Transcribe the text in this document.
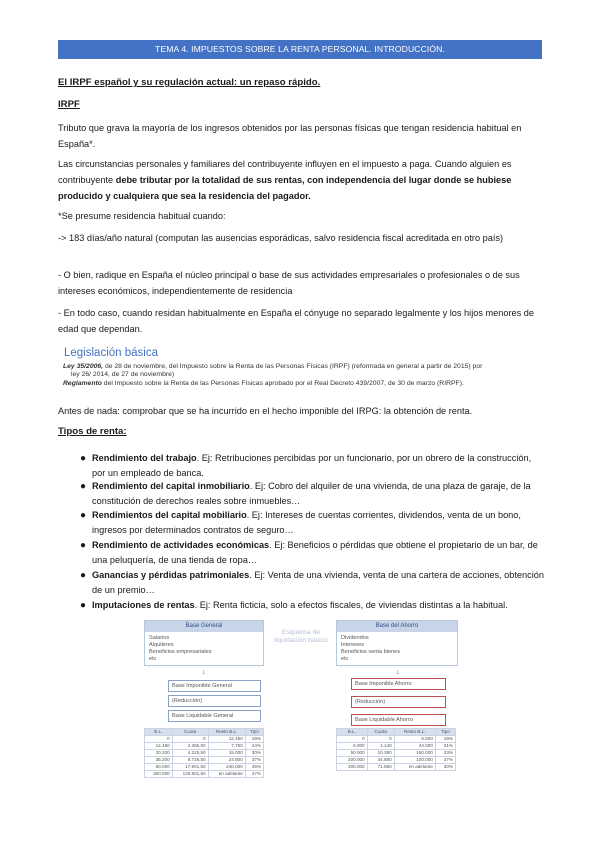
TEMA 4. IMPUESTOS SOBRE LA RENTA PERSONAL. INTRODUCCIÓN.
El IRPF español y su regulación actual: un repaso rápido.
IRPF
Tributo que grava la mayoría de los ingresos obtenidos por las personas físicas que tengan residencia habitual en España*.
Las circunstancias personales y familiares del contribuyente influyen en el impuesto a paga. Cuando alguien es contribuyente debe tributar por la totalidad de sus rentas, con independencia del lugar donde se hubiese producido y cualquiera que sea la residencia del pagador.
*Se presume residencia habitual cuando:
-> 183 días/año natural (computan las ausencias esporádicas, salvo residencia fiscal acreditada en otro país)
- O bien, radique en España el núcleo principal o base de sus actividades empresariales o profesionales o de sus intereses económicos, independientemente de residencia
- En todo caso, cuando residan habitualmente en España el cónyuge no separado legalmente y los hijos menores de edad que dependan.
Legislación básica
Ley 35/2006, de 28 de noviembre, del Impuesto sobre la Renta de las Personas Físicas (IRPF) (reformada en general a partir de 2015) por
ley 26/ 2014, de 27 de noviembre)
Reglamento del Impuesto sobre la Renta de las Personas Físicas aprobado por el Real Decreto 439/2007, de 30 de marzo (RIRPF).
Antes de nada: comprobar que se ha incurrido en el hecho imponible del IRPG: la obtención de renta.
Tipos de renta:
● Rendimiento del trabajo. Ej: Retribuciones percibidas por un funcionario, por un obrero de la construcción, por un empleado de banca.
● Rendimiento del capital inmobiliario. Ej: Cobro del alquiler de una vivienda, de una plaza de garaje, de la constitución de derechos reales sobre inmuebles…
● Rendimientos del capital mobiliario. Ej: Intereses de cuentas corrientes, dividendos, venta de un bono, ingresos por determinados contratos de seguro…
● Rendimiento de actividades económicas. Ej: Beneficios o pérdidas que obtiene el propietario de un bar, de una peluquería, de una tienda de ropa…
● Ganancias y pérdidas patrimoniales. Ej: Venta de una vivienda, venta de una cartera de acciones, obtención de un premio…
● Imputaciones de rentas. Ej: Renta ficticia, solo a efectos fiscales, de viviendas distintas a la habitual.
Base General
Salarios
Alquileres
Beneficios empresariales
etc
Esquema de liquidación básico
Base del Ahorro
Dividendos
Intereses
Beneficios venta bienes
etc
↓	↓
Base Imponible General
(Reducción)
Base Liquidable General
Base Imponible Ahorro
(Reducción)
Base Liquidable Ahorro
B.L.	Cuota	Resto B.L.	Tipo
0	0	12.450	19%
12.450	2.365,50	7.750	24%
20.200	4.225,50	15.000	30%
35.200	8.725,50	24.800	37%
60.000	17.901,50	240.000	45%
300.000	125.901,50	en adelante	47%
B.L.	Cuota	Resto B.L.	Tipo
0	0	6.000	19%
6.000	1.140	44.000	21%
50.000	10.380	150.000	23%
200.000	44.880	100.000	27%
300.000	71.880	en adelante	30%
